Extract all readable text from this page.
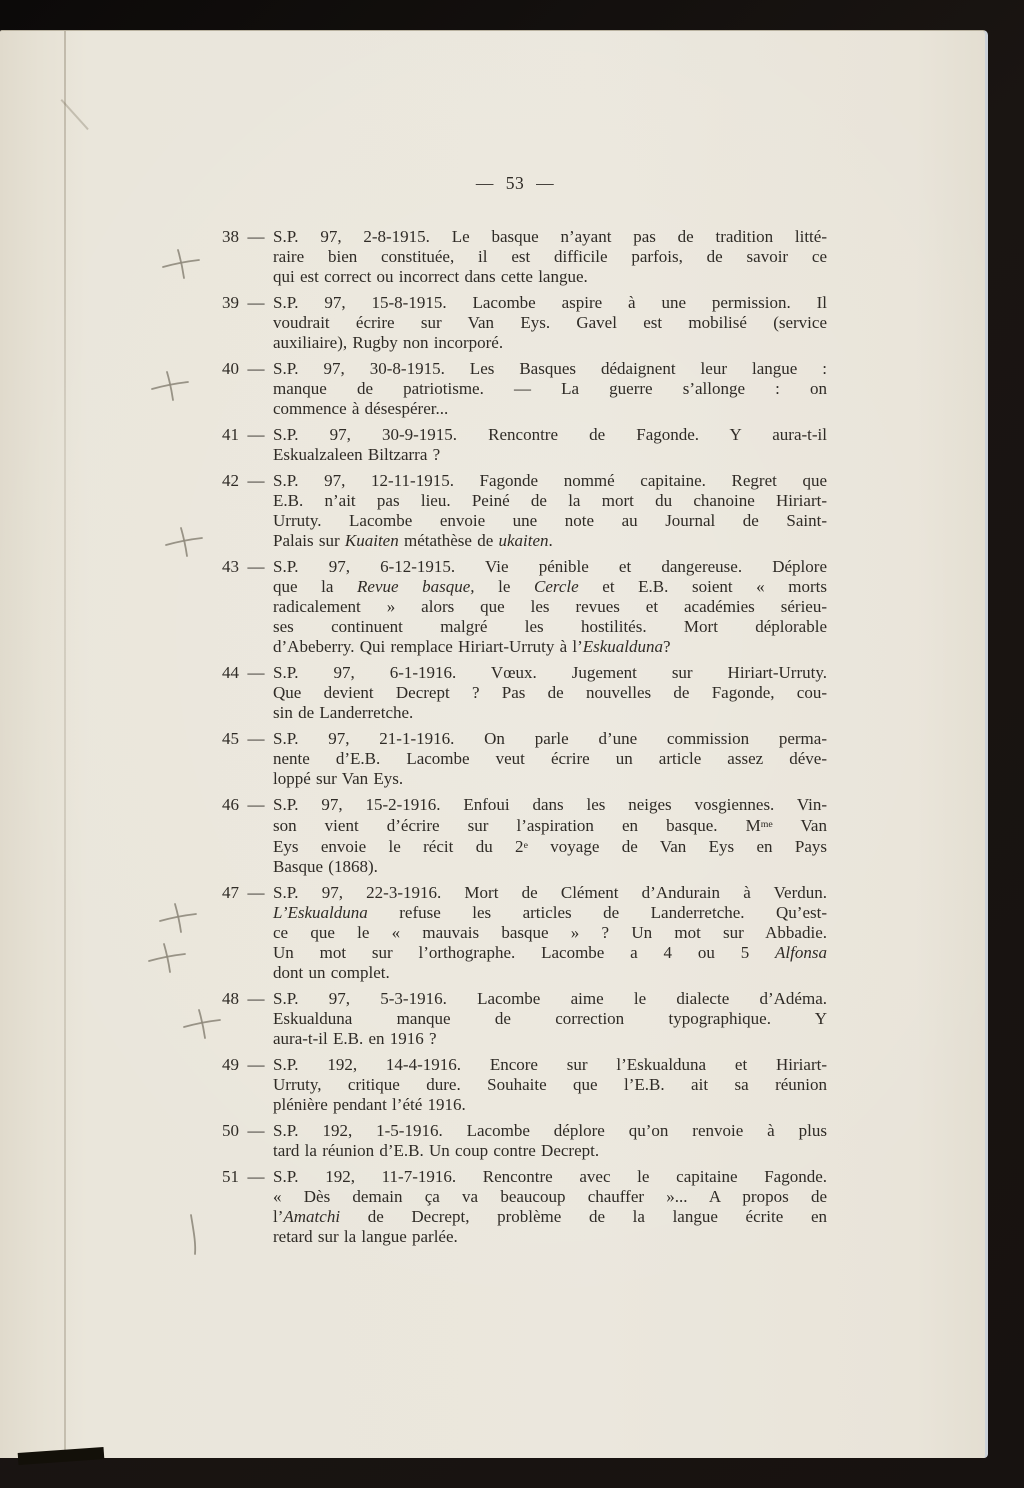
— 53 —
38 — S.P. 97, 2-8-1915. Le basque n’ayant pas de tradition litté-
raire bien constituée, il est difficile parfois, de savoir ce
qui est correct ou incorrect dans cette langue.
39 — S.P. 97, 15-8-1915. Lacombe aspire à une permission. Il
voudrait écrire sur Van Eys. Gavel est mobilisé (service
auxiliaire), Rugby non incorporé.
40 — S.P. 97, 30-8-1915. Les Basques dédaignent leur langue :
manque de patriotisme. — La guerre s’allonge : on
commence à désespérer...
41 — S.P. 97, 30-9-1915. Rencontre de Fagonde. Y aura-t-il
Eskualzaleen Biltzarra ?
42 — S.P. 97, 12-11-1915. Fagonde nommé capitaine. Regret que
E.B. n’ait pas lieu. Peiné de la mort du chanoine Hiriart-
Urruty. Lacombe envoie une note au Journal de Saint-
Palais sur Kuaiten métathèse de ukaiten.
43 — S.P. 97, 6-12-1915. Vie pénible et dangereuse. Déplore
que la Revue basque, le Cercle et E.B. soient « morts
radicalement » alors que les revues et académies sérieu-
ses continuent malgré les hostilités. Mort déplorable
d’Abeberry. Qui remplace Hiriart-Urruty à l’Eskualduna?
44 — S.P. 97, 6-1-1916. Vœux. Jugement sur Hiriart-Urruty.
Que devient Decrept ? Pas de nouvelles de Fagonde, cou-
sin de Landerretche.
45 — S.P. 97, 21-1-1916. On parle d’une commission perma-
nente d’E.B. Lacombe veut écrire un article assez déve-
loppé sur Van Eys.
46 — S.P. 97, 15-2-1916. Enfoui dans les neiges vosgiennes. Vin-
son vient d’écrire sur l’aspiration en basque. $M^{me}$ Van
Eys envoie le récit du 2e voyage de Van Eys en Pays
Basque (1868).
47 — S.P. 97, 22-3-1916. Mort de Clément d’Andurain à Verdun.
L’Eskualduna refuse les articles de Landerretche. Qu’est-
ce que le « mauvais basque » ? Un mot sur Abbadie.
Un mot sur l’orthographe. Lacombe a 4 ou 5 Alfonsa
dont un complet.
48 — S.P. 97, 5-3-1916. Lacombe aime le dialecte d’Adéma.
Eskualduna manque de correction typographique. Y
aura-t-il E.B. en 1916 ?
49 — S.P. 192, 14-4-1916. Encore sur l’Eskualduna et Hiriart-
Urruty, critique dure. Souhaite que l’E.B. ait sa réunion
plénière pendant l’été 1916.
50 — S.P. 192, 1-5-1916. Lacombe déplore qu’on renvoie à plus
tard la réunion d’E.B. Un coup contre Decrept.
51 — S.P. 192, 11-7-1916. Rencontre avec le capitaine Fagonde.
« Dès demain ça va beaucoup chauffer »... A propos de
l’Amatchi de Decrept, problème de la langue écrite en
retard sur la langue parlée.
